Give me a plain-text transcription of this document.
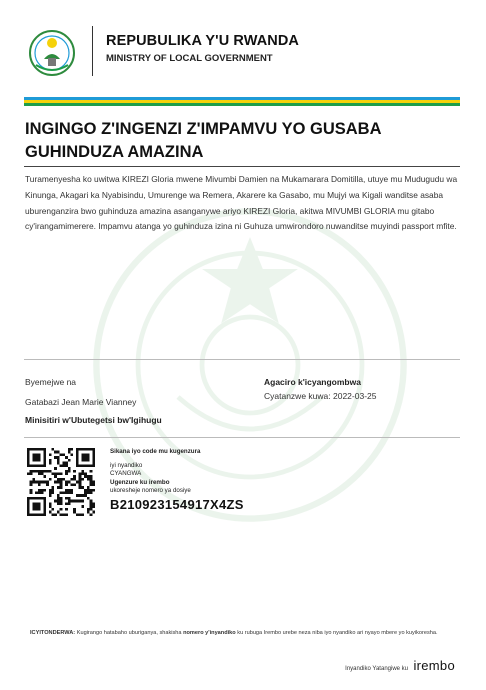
REPUBULIKA Y'U RWANDA
MINISTRY OF LOCAL GOVERNMENT
INGINGO Z'INGENZI Z'IMPAMVU YO GUSABA GUHINDUZA AMAZINA
Turamenyesha ko uwitwa KIREZI Gloria mwene Mivumbi Damien na Mukamarara Domitilla, utuye mu Mudugudu wa Kinunga, Akagari ka Nyabisindu, Umurenge wa Remera, Akarere ka Gasabo, mu Mujyi wa Kigali wanditse asaba uburenganzira bwo guhinduza amazina asanganywe ariyo KIREZI Gloria, akitwa MIVUMBI GLORIA mu gitabo cy'irangamimerere. Impamvu atanga yo guhinduza izina ni Guhuza umwirondoro nuwanditse muyindi passport mfite.
Byemejwe na
Gatabazi Jean Marie Vianney
Minisitiri w'Ubutegetsi bw'Igihugu
Agaciro k'icyangombwa
Cyatanzwe kuwa: 2022-03-25
Sikana iyo code mu kugenzura
iyi nyandiko
CYANGWA
Ugenzure ku irembo
ukoresheje nomero ya dosiye
B210923154917X4ZS
ICYITONDERWA: Kugirango hatabaho uburiganya, shakisha nomero y'inyandiko ku rubuga Irembo urebe neza niba iyo nyandiko ari nyayo mbere yo kuyikoresha.
Inyandiko Yatangiwe ku irembo
